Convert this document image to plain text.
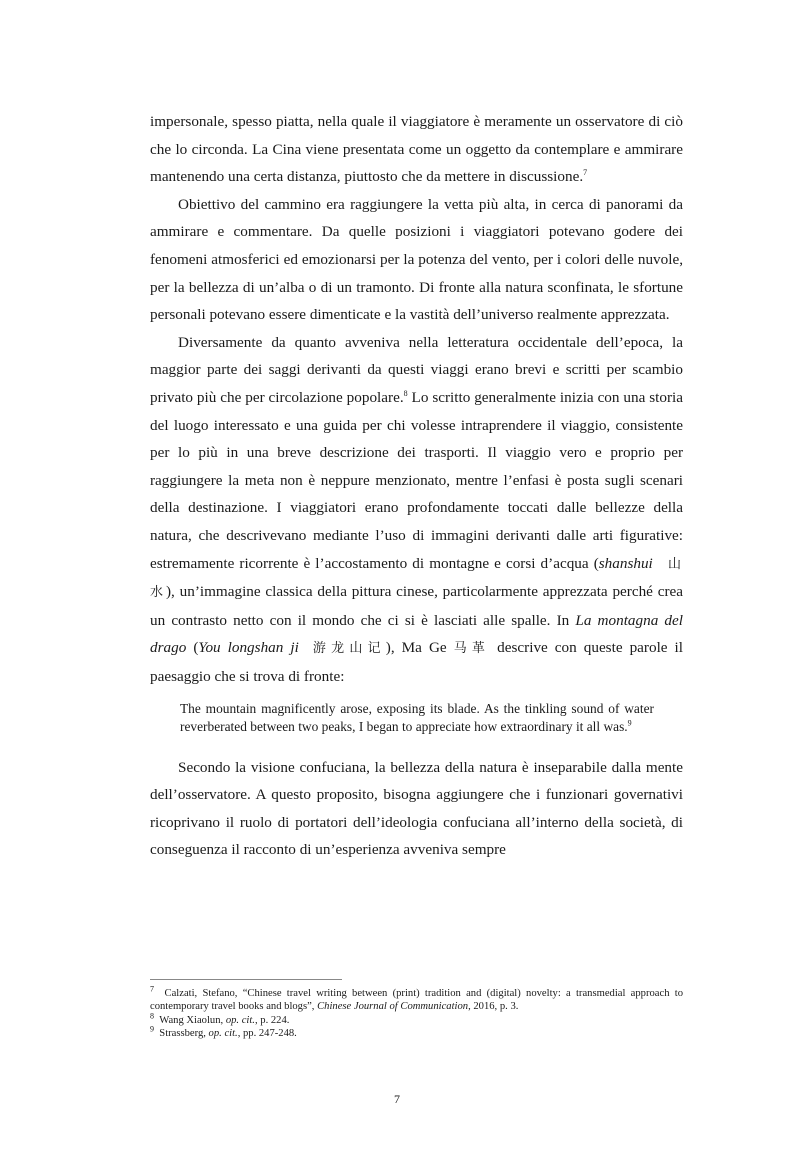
impersonale, spesso piatta, nella quale il viaggiatore è meramente un osservatore di ciò che lo circonda. La Cina viene presentata come un oggetto da contemplare e ammirare mantenendo una certa distanza, piuttosto che da mettere in discussione.$^7$

Obiettivo del cammino era raggiungere la vetta più alta, in cerca di panorami da ammirare e commentare. Da quelle posizioni i viaggiatori potevano godere dei fenomeni atmosferici ed emozionarsi per la potenza del vento, per i colori delle nuvole, per la bellezza di un’alba o di un tramonto. Di fronte alla natura sconfinata, le sfortune personali potevano essere dimenticate e la vastità dell’universo realmente apprezzata.

Diversamente da quanto avveniva nella letteratura occidentale dell’epoca, la maggior parte dei saggi derivanti da questi viaggi erano brevi e scritti per scambio privato più che per circolazione popolare.$^8$ Lo scritto generalmente inizia con una storia del luogo interessato e una guida per chi volesse intraprendere il viaggio, consistente per lo più in una breve descrizione dei trasporti. Il viaggio vero e proprio per raggiungere la meta non è neppure menzionato, mentre l’enfasi è posta sugli scenari della destinazione. I viaggiatori erano profondamente toccati dalle bellezze della natura, che descrivevano mediante l’uso di immagini derivanti dalle arti figurative: estremamente ricorrente è l’accostamento di montagne e corsi d’acqua (shanshui 山水), un’immagine classica della pittura cinese, particolarmente apprezzata perché crea un contrasto netto con il mondo che ci si è lasciati alle spalle. In La montagna del drago (You longshan ji 游龙山记), Ma Ge 马革 descrive con queste parole il paesaggio che si trova di fronte:

The mountain magnificently arose, exposing its blade. As the tinkling sound of water reverberated between two peaks, I began to appreciate how extraordinary it all was.$^9$

Secondo la visione confuciana, la bellezza della natura è inseparabile dalla mente dell’osservatore. A questo proposito, bisogna aggiungere che i funzionari governativi ricoprivano il ruolo di portatori dell’ideologia confuciana all’interno della società, di conseguenza il racconto di un’esperienza avveniva sempre

$^7$ Calzati, Stefano, “Chinese travel writing between (print) tradition and (digital) novelty: a transmedial approach to contemporary travel books and blogs”, Chinese Journal of Communication, 2016, p. 3.

$^8$ Wang Xiaolun, op. cit., p. 224.

$^9$ Strassberg, op. cit., pp. 247-248.

7
